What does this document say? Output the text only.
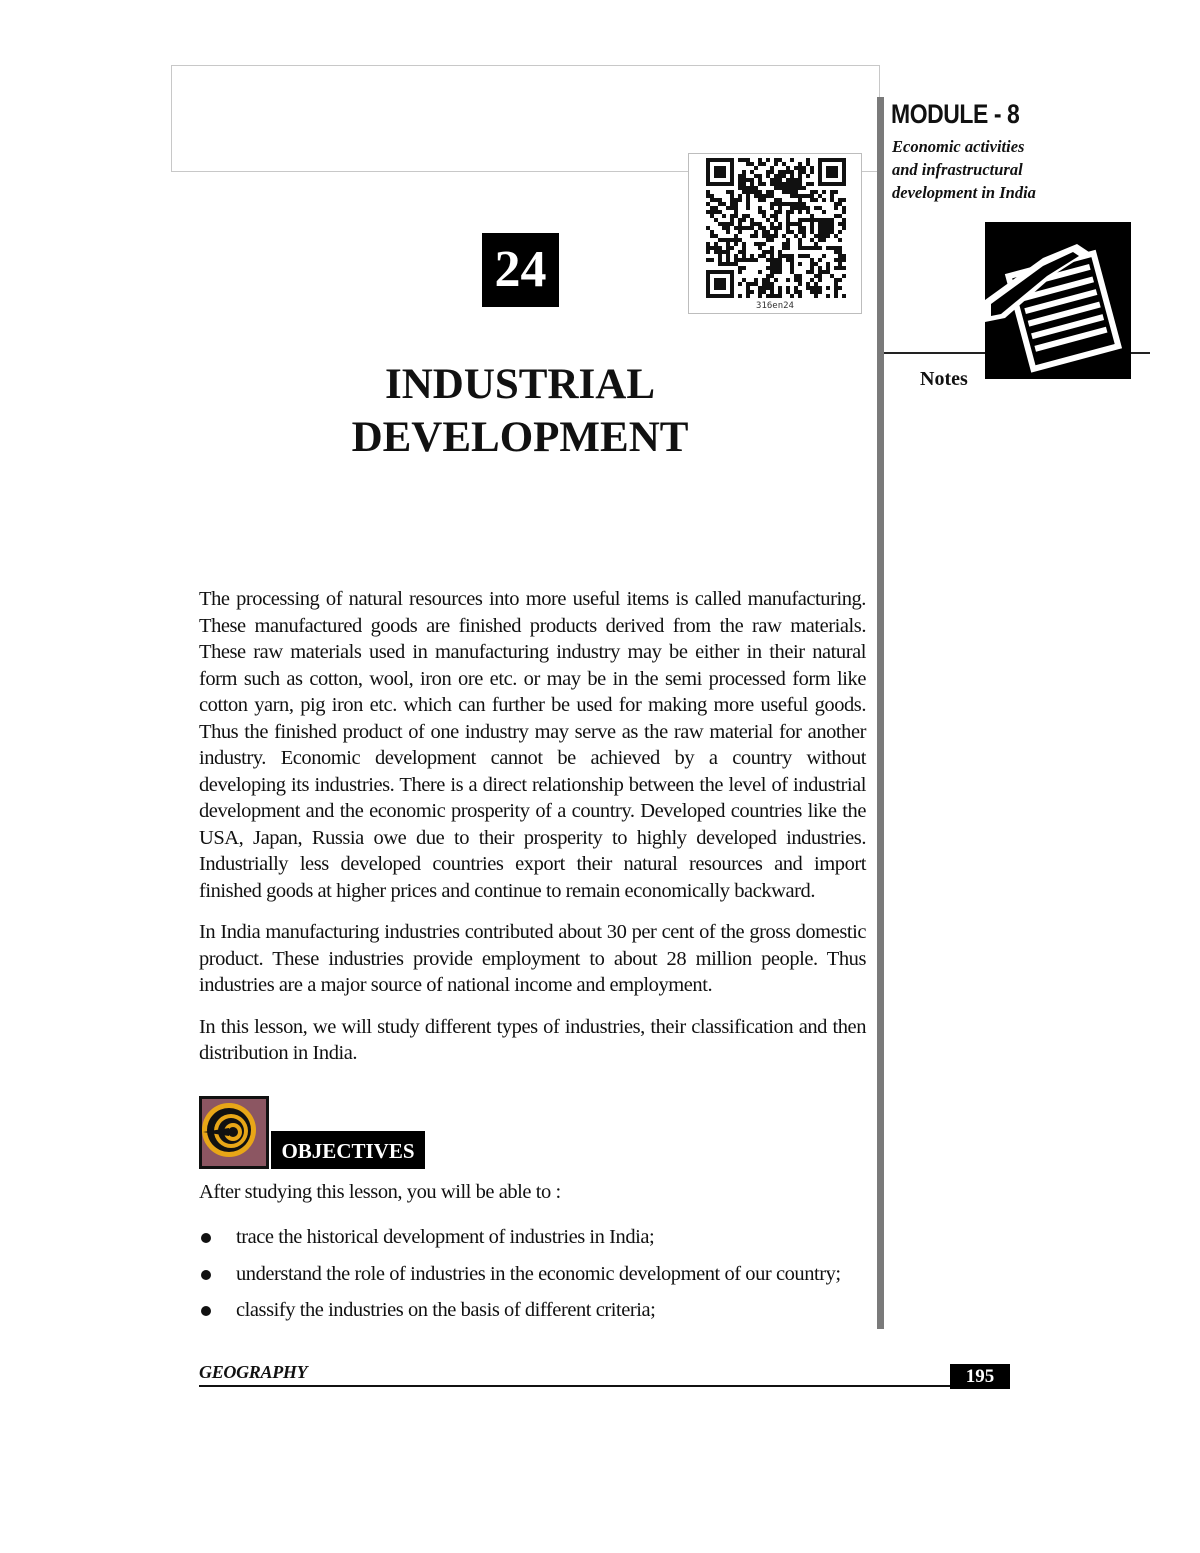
316en24
24
INDUSTRIAL
DEVELOPMENT
MODULE - 8
Economic activities
and infrastructural
development in India
Notes

The processing of natural resources into more useful items is called manufacturing. These manufactured goods are finished products derived from the raw materials. These raw materials used in manufacturing industry may be either in their natural form such as cotton, wool, iron ore etc. or may be in the semi processed form like cotton yarn, pig iron etc. which can further be used for making more useful goods. Thus the finished product of one industry may serve as the raw material for another industry. Economic development cannot be achieved by a country without developing its industries. There is a direct relationship between the level of industrial development and the economic prosperity of a country. Developed countries like the USA, Japan, Russia owe due to their prosperity to highly developed industries. Industrially less developed countries export their natural resources and import finished goods at higher prices and continue to remain economically backward.

In India manufacturing industries contributed about 30 per cent of the gross domestic product. These industries provide employment to about 28 million people. Thus industries are a major source of national income and employment.

In this lesson, we will study different types of industries, their classification and then distribution in India.

OBJECTIVES
After studying this lesson, you will be able to :
trace the historical development of industries in India;
understand the role of industries in the economic development of our country;
classify the industries on the basis of different criteria;
GEOGRAPHY	195
